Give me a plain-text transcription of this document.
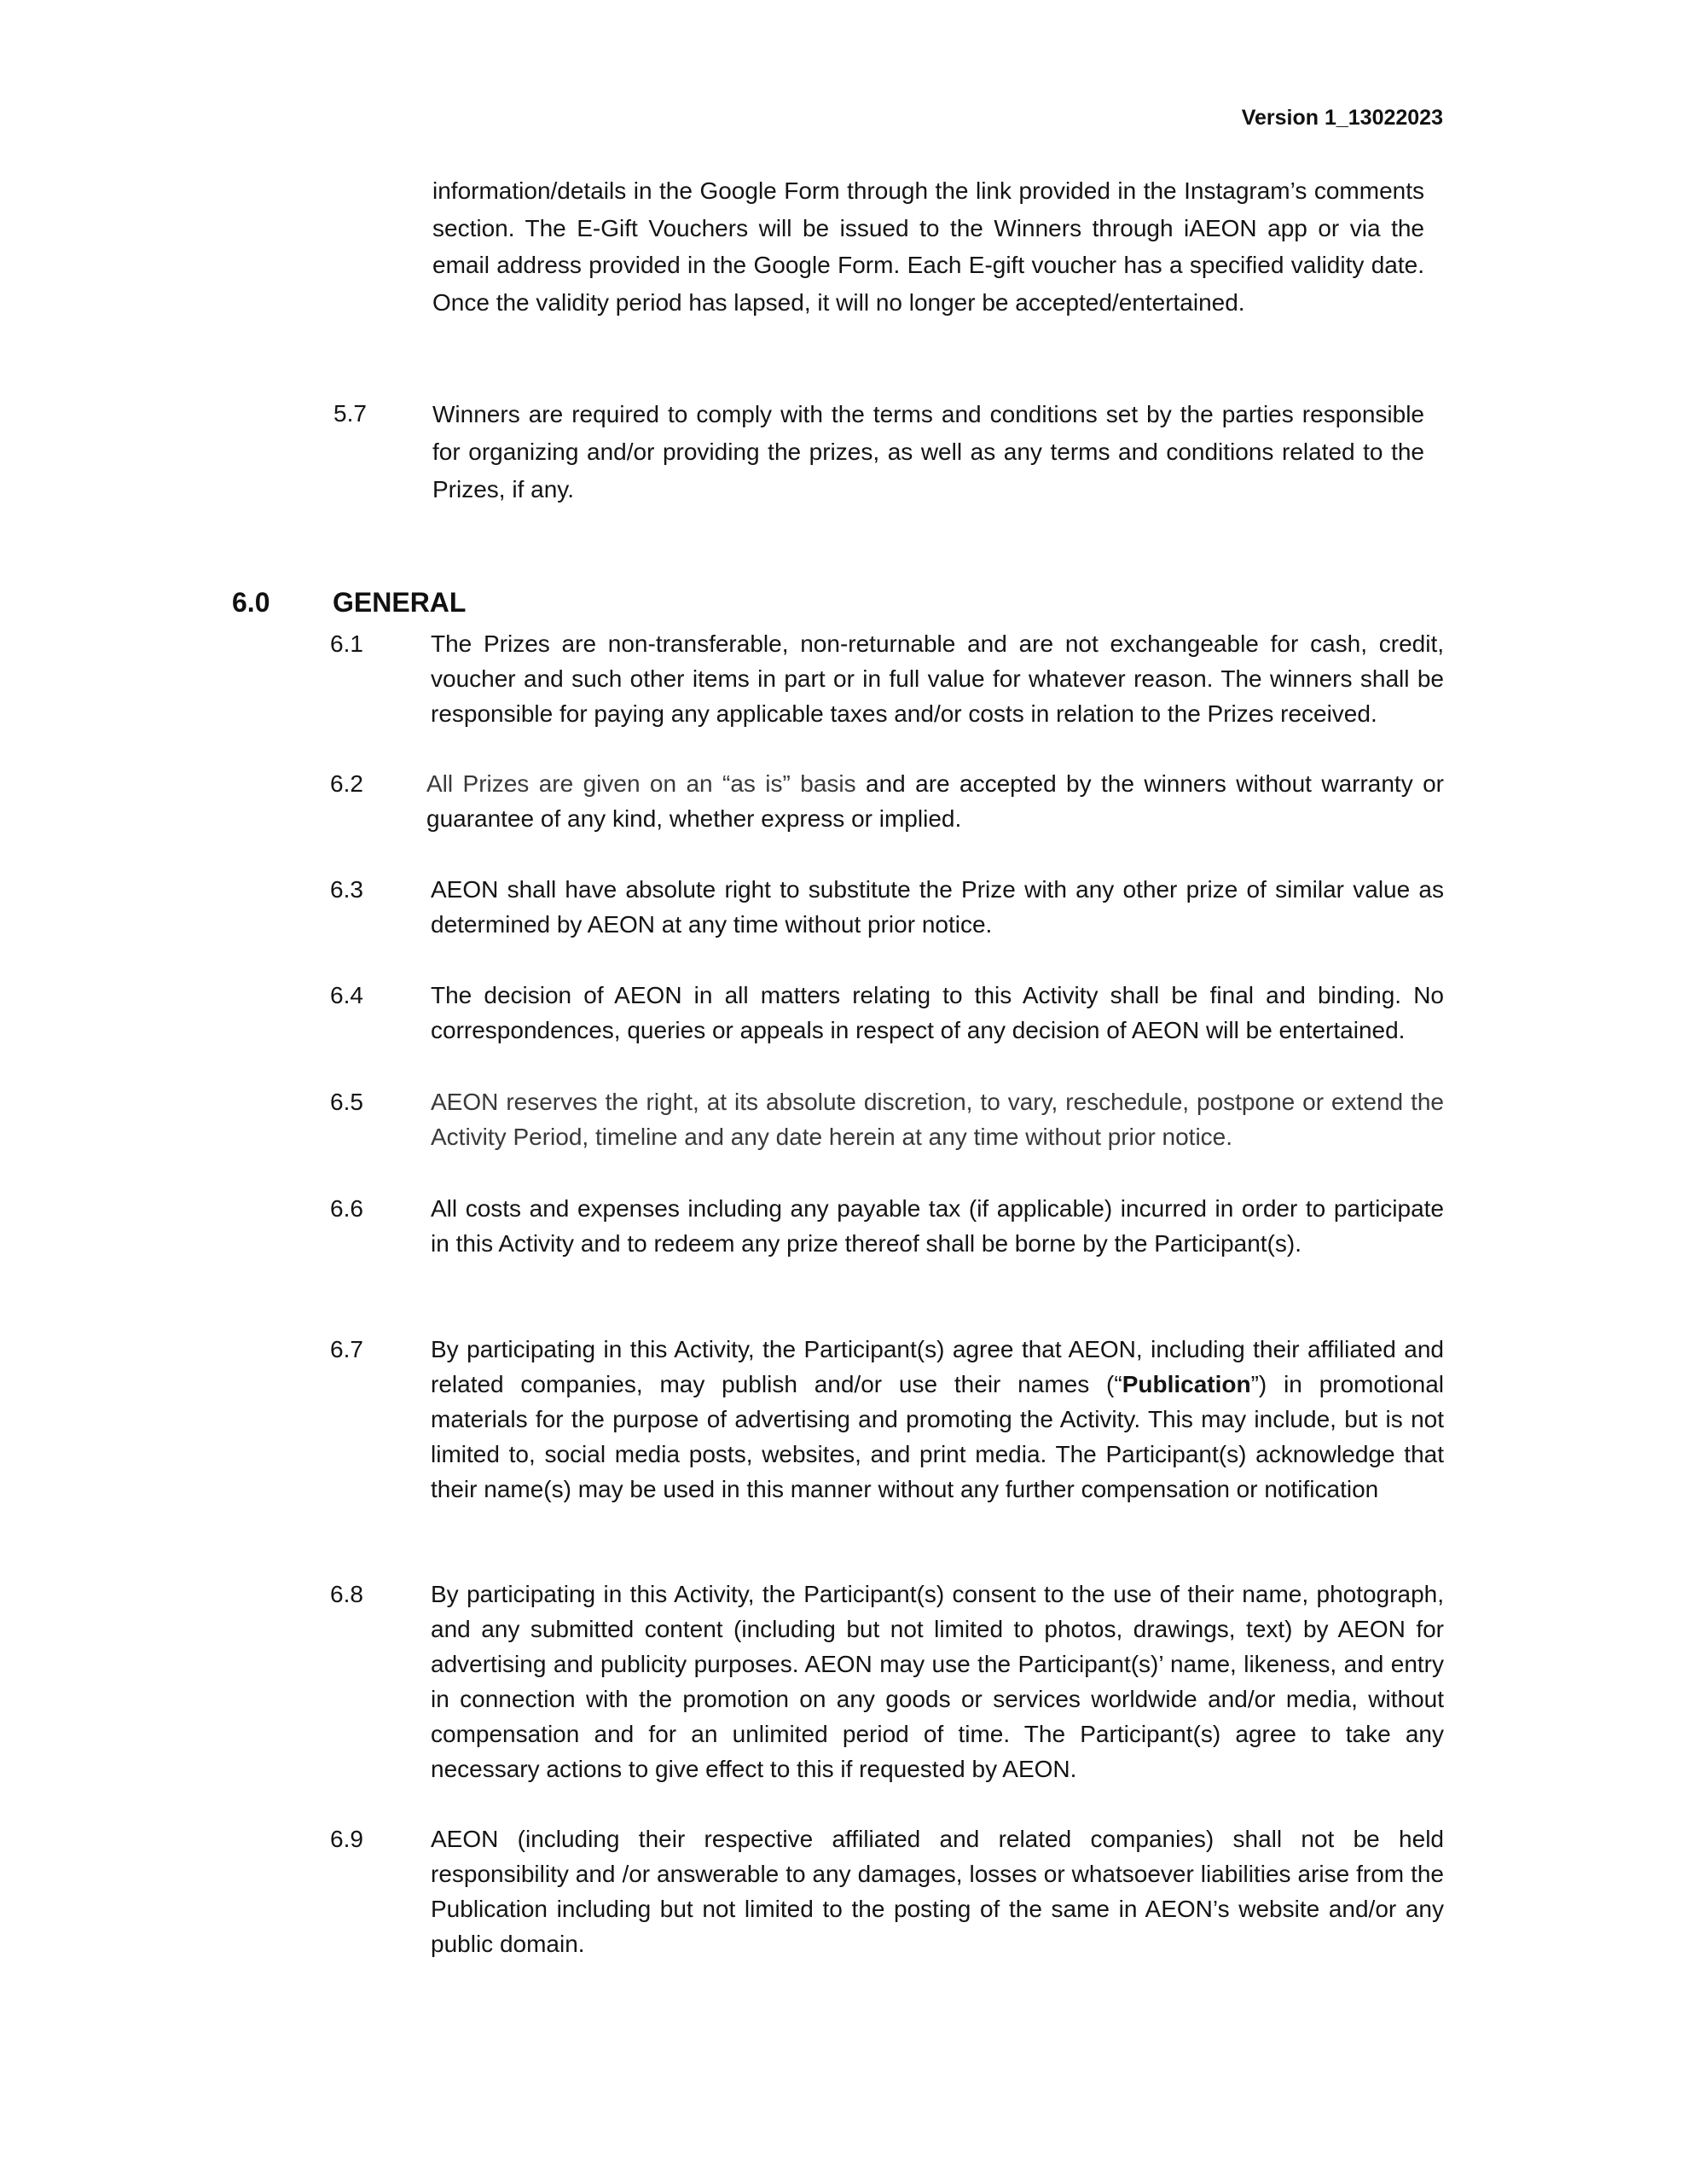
Version 1_13022023
information/details in the Google Form through the link provided in the Instagram’s comments section. The E-Gift Vouchers will be issued to the Winners through iAEON app or via the email address provided in the Google Form. Each E-gift voucher has a specified validity date. Once the validity period has lapsed, it will no longer be accepted/entertained.
5.7	Winners are required to comply with the terms and conditions set by the parties responsible for organizing and/or providing the prizes, as well as any terms and conditions related to the Prizes, if any.
6.0 GENERAL
6.1	The Prizes are non-transferable, non-returnable and are not exchangeable for cash, credit, voucher and such other items in part or in full value for whatever reason. The winners shall be responsible for paying any applicable taxes and/or costs in relation to the Prizes received.
6.2	All Prizes are given on an “as is” basis and are accepted by the winners without warranty or guarantee of any kind, whether express or implied.
6.3	AEON shall have absolute right to substitute the Prize with any other prize of similar value as determined by AEON at any time without prior notice.
6.4	The decision of AEON in all matters relating to this Activity shall be final and binding. No correspondences, queries or appeals in respect of any decision of AEON will be entertained.
6.5	AEON reserves the right, at its absolute discretion, to vary, reschedule, postpone or extend the Activity Period, timeline and any date herein at any time without prior notice.
6.6	All costs and expenses including any payable tax (if applicable) incurred in order to participate in this Activity and to redeem any prize thereof shall be borne by the Participant(s).
6.7	By participating in this Activity, the Participant(s) agree that AEON, including their affiliated and related companies, may publish and/or use their names (“Publication”) in promotional materials for the purpose of advertising and promoting the Activity. This may include, but is not limited to, social media posts, websites, and print media. The Participant(s) acknowledge that their name(s) may be used in this manner without any further compensation or notification
6.8	By participating in this Activity, the Participant(s) consent to the use of their name, photograph, and any submitted content (including but not limited to photos, drawings, text) by AEON for advertising and publicity purposes. AEON may use the Participant(s)’ name, likeness, and entry in connection with the promotion on any goods or services worldwide and/or media, without compensation and for an unlimited period of time. The Participant(s) agree to take any necessary actions to give effect to this if requested by AEON.
6.9	AEON (including their respective affiliated and related companies) shall not be held responsibility and /or answerable to any damages, losses or whatsoever liabilities arise from the Publication including but not limited to the posting of the same in AEON’s website and/or any public domain.
